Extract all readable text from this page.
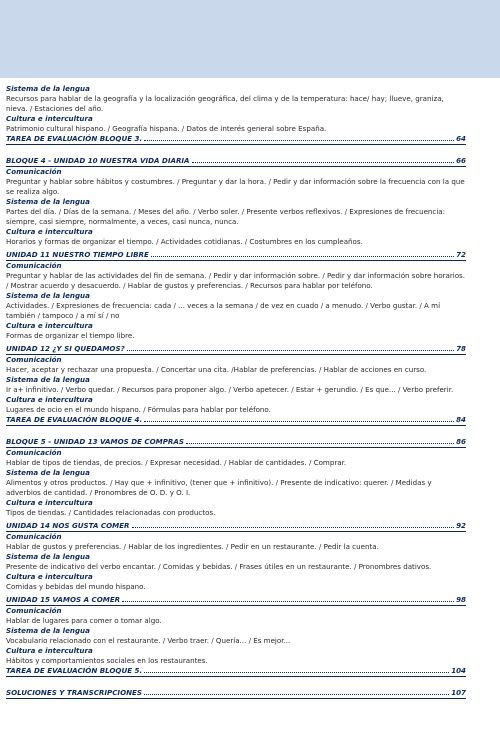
Sistema de la lengua
Recursos para hablar de la geografía y la localización geográfica, del clima y de la temperatura: hace/ hay; llueve, graniza, nieva. / Estaciones del año.
Cultura e intercultura
Patrimonio cultural hispano. / Geografía hispana. / Datos de interés general sobre España.
TAREA DE EVALUACIÓN BLOQUE 3.	64
BLOQUE 4 - UNIDAD 10 NUESTRA VIDA DIARIA	66
Comunicación
Preguntar y hablar sobre hábitos y costumbres. / Preguntar y dar la hora. / Pedir y dar información sobre la frecuencia con la que se realiza algo.
Sistema de la lengua
Partes del día. / Días de la semana. / Meses del año. / Verbo soler. / Presente verbos reflexivos. / Expresiones de frecuencia: siempre, casi siempre, normalmente, a veces, casi nunca, nunca.
Cultura e intercultura
Horarios y formas de organizar el tiempo. / Actividades cotidianas. / Costumbres en los cumpleaños.
UNIDAD 11 NUESTRO TIEMPO LIBRE	72
Comunicación
Preguntar y hablar de las actividades del fin de semana. / Pedir y dar información sobre. / Pedir y dar información sobre horarios. / Mostrar acuerdo y desacuerdo. / Hablar de gustos y preferencias. / Recursos para hablar por teléfono.
Sistema de la lengua
Actividades. / Expresiones de frecuencia: cada / ... veces a la semana / de vez en cuado / a menudo. / Verbo gustar. / A mí también / tampoco / a mí sí / no
Cultura e intercultura
Formas de organizar el tiempo libre.
UNIDAD 12 ¿Y SI QUEDAMOS?	78
Comunicación
Hacer, aceptar y rechazar una propuesta. / Concertar una cita. /Hablar de preferencias. / Hablar de acciones en curso.
Sistema de la lengua
Ir a+ infinitivo. / Verbo quedar. / Recursos para proponer algo. / Verbo apetecer. / Estar + gerundio. / Es que... / Verbo preferir.
Cultura e intercultura
Lugares de ocio en el mundo hispano. / Fórmulas para hablar por teléfono.
TAREA DE EVALUACIÓN BLOQUE 4.	84
BLOQUE 5 - UNIDAD 13 VAMOS DE COMPRAS	86
Comunicación
Hablar de tipos de tiendas, de precios. / Expresar necesidad. / Hablar de cantidades. / Comprar.
Sistema de la lengua
Alimentos y otros productos. / Hay que + infinitivo, (tener que + infinitivo). / Presente de indicativo: querer. / Medidas y adverbios de cantidad. / Pronombres de O. D. y O. I.
Cultura e intercultura
Tipos de tiendas. / Cantidades relacionadas con productos.
UNIDAD 14 NOS GUSTA COMER	92
Comunicación
Hablar de gustos y preferencias. / Hablar de los ingredientes. / Pedir en un restaurante. / Pedir la cuenta.
Sistema de la lengua
Presente de indicativo del verbo encantar. / Comidas y bebidas. / Frases útiles en un restaurante. / Pronombres dativos.
Cultura e intercultura
Comidas y bebidas del mundo hispano.
UNIDAD 15 VAMOS A COMER	98
Comunicación
Hablar de lugares para comer o tomar algo.
Sistema de la lengua
Vocabulario relacionado con el restaurante. / Verbo traer. / Quería... / Es mejor...
Cultura e intercultura
Hábitos y comportamientos sociales en los restaurantes.
TAREA DE EVALUACIÓN BLOQUE 5.	104
SOLUCIONES Y TRANSCRIPCIONES	107
